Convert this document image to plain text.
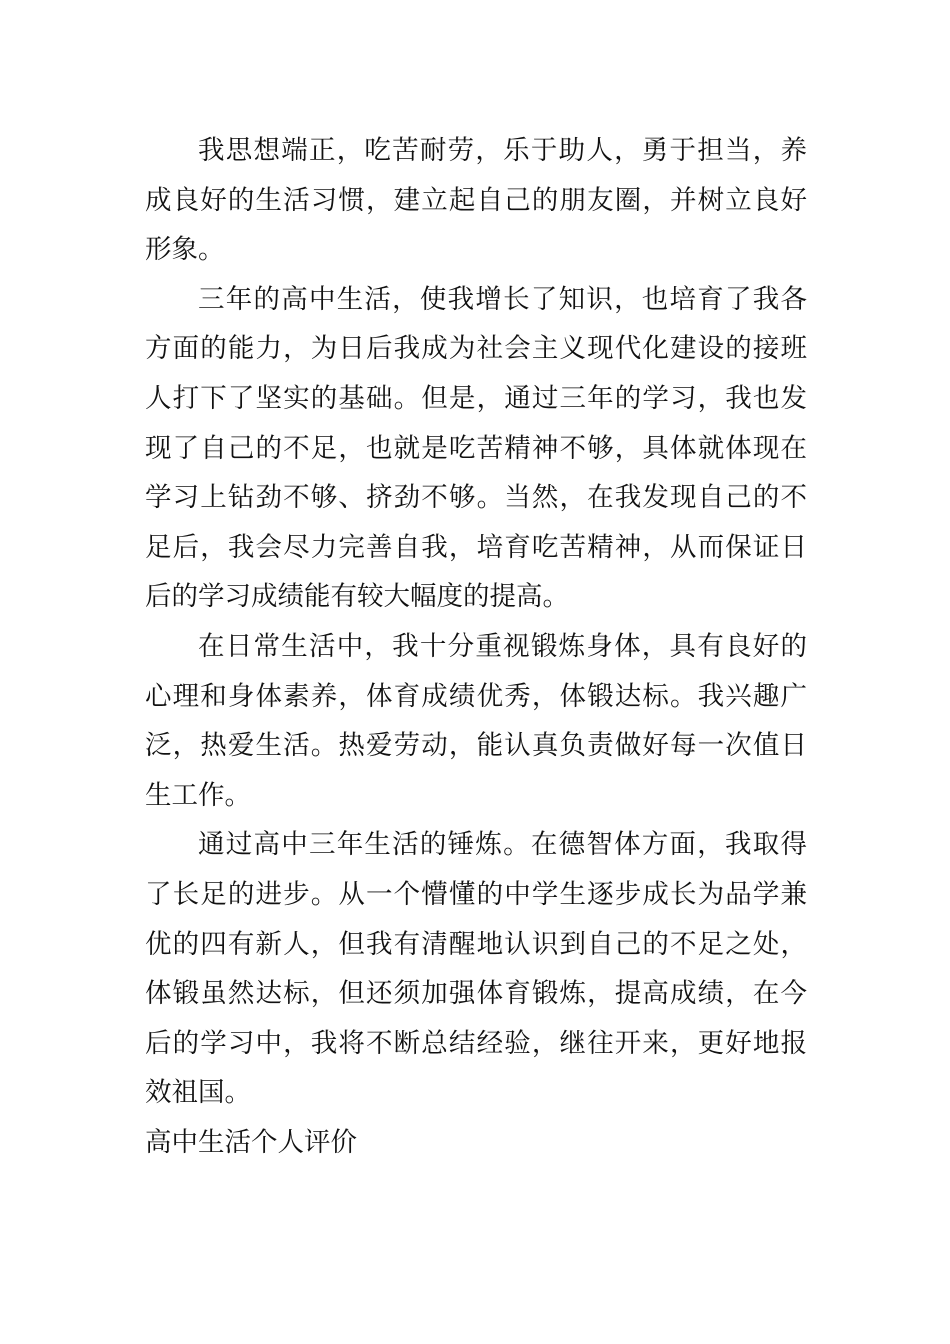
我思想端正，吃苦耐劳，乐于助人，勇于担当，养成良好的生活习惯，建立起自己的朋友圈，并树立良好形象。

三年的高中生活，使我增长了知识，也培育了我各方面的能力，为日后我成为社会主义现代化建设的接班人打下了坚实的基础。但是，通过三年的学习，我也发现了自己的不足，也就是吃苦精神不够，具体就体现在学习上钻劲不够、挤劲不够。当然，在我发现自己的不足后，我会尽力完善自我，培育吃苦精神，从而保证日后的学习成绩能有较大幅度的提高。

在日常生活中，我十分重视锻炼身体，具有良好的心理和身体素养，体育成绩优秀，体锻达标。我兴趣广泛，热爱生活。热爱劳动，能认真负责做好每一次值日生工作。

通过高中三年生活的锤炼。在德智体方面，我取得了长足的进步。从一个懵懂的中学生逐步成长为品学兼优的四有新人，但我有清醒地认识到自己的不足之处，体锻虽然达标，但还须加强体育锻炼，提高成绩，在今后的学习中，我将不断总结经验，继往开来，更好地报效祖国。

高中生活个人评价
